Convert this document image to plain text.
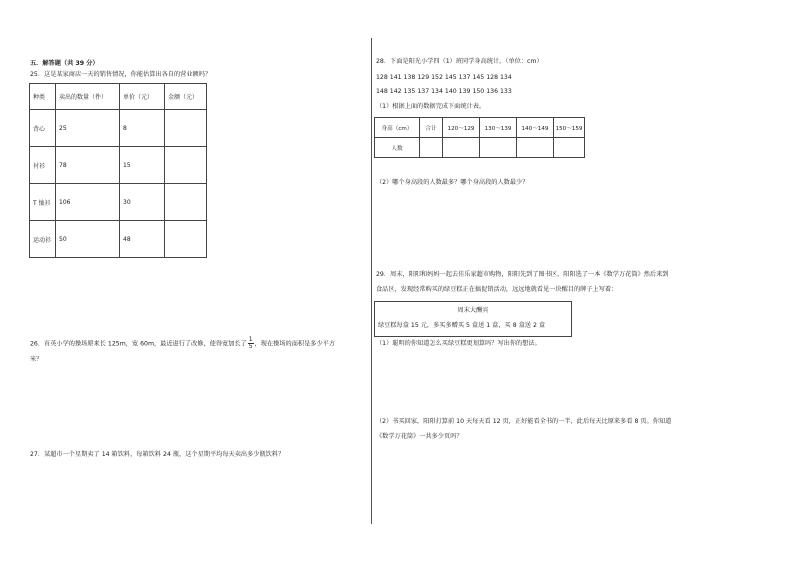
五．解答题（共 39 分）
25．这是某家商店一天的销售情况，你能估算出各自的营业额吗？
种类	卖出的数量（件）	单价（元）	金额（元）
背心	25	8	
衬衫	78	15	
T 恤衫	106	30	
运动衫	50	48	
26．育英小学的操场原来长 125m，宽 60m，最近进行了改修，使得宽加长了 $\frac{1}{5}$ ，现在操场的面积是多少平方
米？
27．某超市一个星期卖了 14 箱饮料，每箱饮料 24 瓶，这个星期平均每天卖出多少瓶饮料？
28．下面是阳光小学四（1）班同学身高统计。（单位：cm）
128 141 138 129 152 145 137 145 128 134
148 142 135 137 134 140 139 150 136 133
（1）根据上面的数据完成下面统计表。
身高（cm）	合计	120～129	130～139	140～149	150～159
人数					
（2）哪个身高段的人数最多？哪个身高段的人数最少？
29．周末，阳阳和妈妈一起去佳乐家超市购物，阳阳先到了图书区，阳阳选了一本《数学万花筒》然后来到
食品区，发现经常购买的绿豆糕正在搞促销活动，远远地就看见一块醒目的牌子上写着：
周末大酬宾
绿豆糕每盒 15 元，多买多赠买 5 盒送 1 盒，买 8 盒送 2 盒
（1）聪明的你知道怎么买绿豆糕更划算吗？写出你的想法。
（2）书买回家，阳阳打算前 10 天每天看 12 页，正好能看全书的一半，此后每天比原来多看 8 页。你知道
《数学万花筒》一共多少页吗？
